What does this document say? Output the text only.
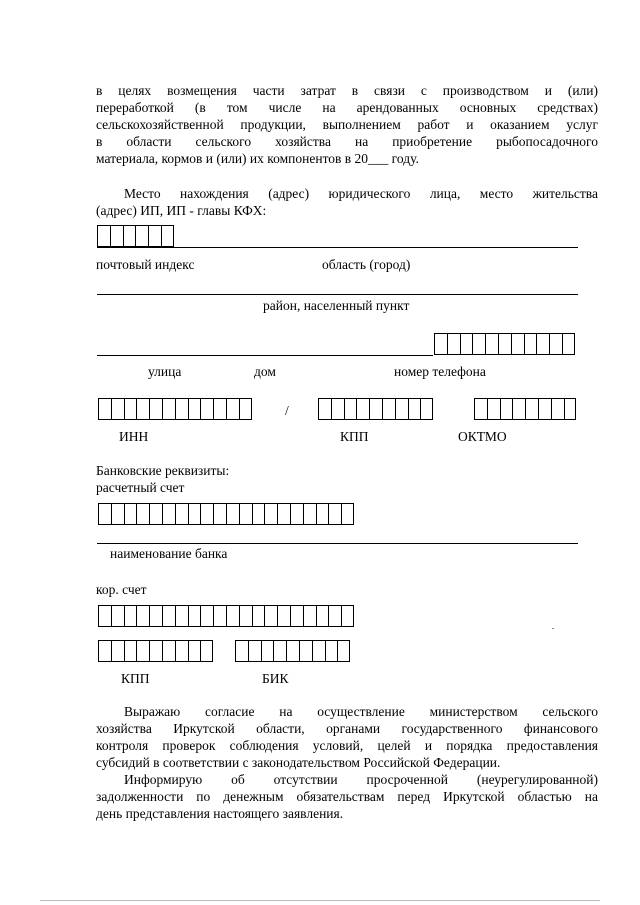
в целях возмещения части затрат в связи с производством и (или)
переработкой (в том числе на арендованных основных средствах)
сельскохозяйственной продукции, выполнением работ и оказанием услуг
в области сельского хозяйства на приобретение рыбопосадочного
материала, кормов и (или) их компонентов в 20___ году.
Место нахождения (адрес) юридического лица, место жительства
(адрес) ИП, ИП - главы КФХ:
почтовый индекс	область (город)
район, населенный пункт
улица	дом	номер телефона
/
ИНН	КПП	ОКТМО
Банковские реквизиты:
расчетный счет
наименование банка
кор. счет
КПП	БИК
Выражаю согласие на осуществление министерством сельского
хозяйства Иркутской области, органами государственного финансового
контроля проверок соблюдения условий, целей и порядка предоставления
субсидий в соответствии с законодательством Российской Федерации.
Информирую об отсутствии просроченной (неурегулированной)
задолженности по денежным обязательствам перед Иркутской областью на
день представления настоящего заявления.
